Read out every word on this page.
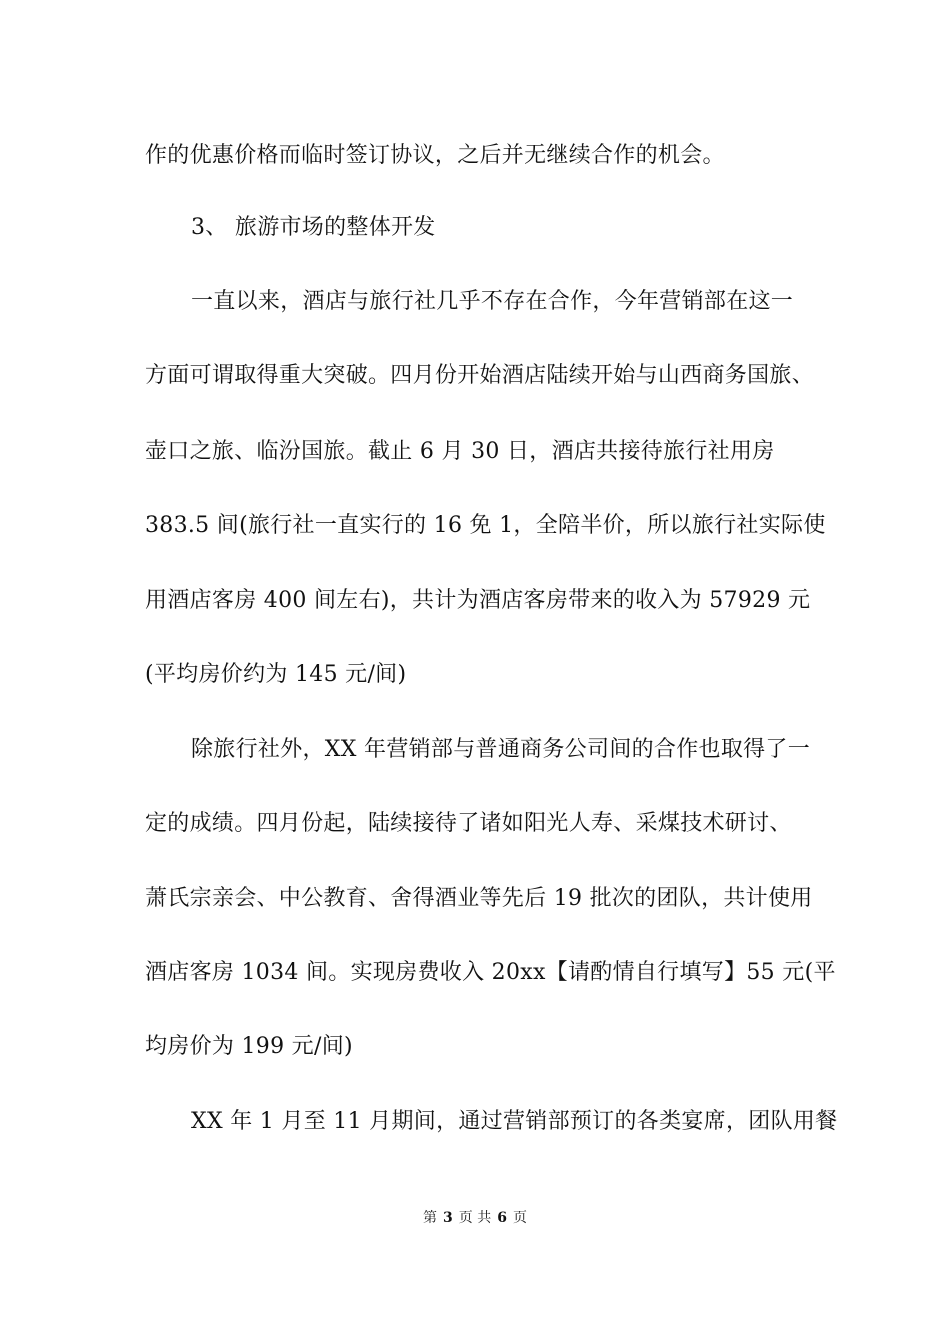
作的优惠价格而临时签订协议，之后并无继续合作的机会。
3、 旅游市场的整体开发
一直以来，酒店与旅行社几乎不存在合作，今年营销部在这一
方面可谓取得重大突破。四月份开始酒店陆续开始与山西商务国旅、
壶口之旅、临汾国旅。截止 6 月 30 日，酒店共接待旅行社用房
383.5 间(旅行社一直实行的 16 免 1，全陪半价，所以旅行社实际使
用酒店客房 400 间左右)，共计为酒店客房带来的收入为 57929 元
(平均房价约为 145 元/间)
除旅行社外，XX 年营销部与普通商务公司间的合作也取得了一
定的成绩。四月份起，陆续接待了诸如阳光人寿、采煤技术研讨、
萧氏宗亲会、中公教育、舍得酒业等先后 19 批次的团队，共计使用
酒店客房 1034 间。实现房费收入 20xx【请酌情自行填写】55 元(平
均房价为 199 元/间)
XX 年 1 月至 11 月期间，通过营销部预订的各类宴席，团队用餐
第 3 页 共 6 页
